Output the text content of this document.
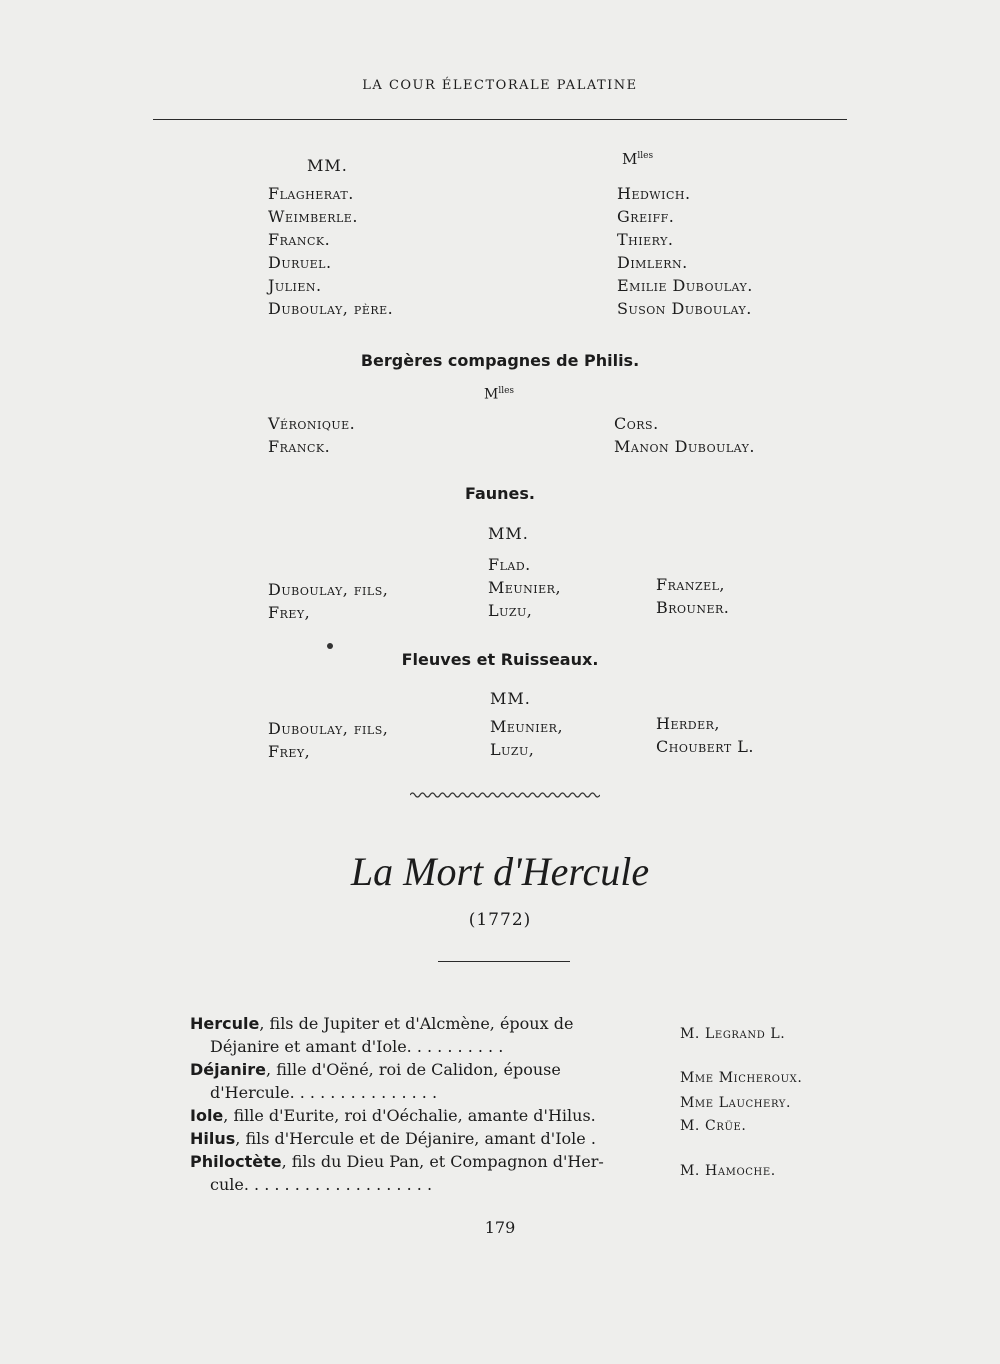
LA COUR ÉLECTORALE PALATINE
MM.	$M^{lles}$
Flagherat.
Weimberle.
Franck.
Duruel.
Julien.
Duboulay, père.
Hedwich.
Greiff.
Thiery.
Dimlern.
Emilie Duboulay.
Suson Duboulay.
Bergères compagnes de Philis.
$M^{lles}$
Véronique.
Franck.
Cors.
Manon Duboulay.
Faunes.
MM.
Flad.
Meunier,
Luzu,
Duboulay, fils,
Frey,
Franzel,
Brouner.
Fleuves et Ruisseaux.
MM.
Duboulay, fils,
Frey,
Meunier,
Luzu,
Herder,
Choubert L.
La Mort d'Hercule
(1772)
Hercule, fils de Jupiter et d'Alcmène, époux de
Déjanire et amant d'Iole. . . . . . . . . .
M. Legrand L.
Déjanire, fille d'Oëné, roi de Calidon, épouse
d'Hercule. . . . . . . . . . . . . . .
Mme Micheroux.
Iole, fille d'Eurite, roi d'Oéchalie, amante d'Hilus.
Mme Lauchery.
Hilus, fils d'Hercule et de Déjanire, amant d'Iole .
M. Crüe.
Philoctète, fils du Dieu Pan, et Compagnon d'Her-
cule. . . . . . . . . . . . . . . . . . .
M. Hamoche.
179
